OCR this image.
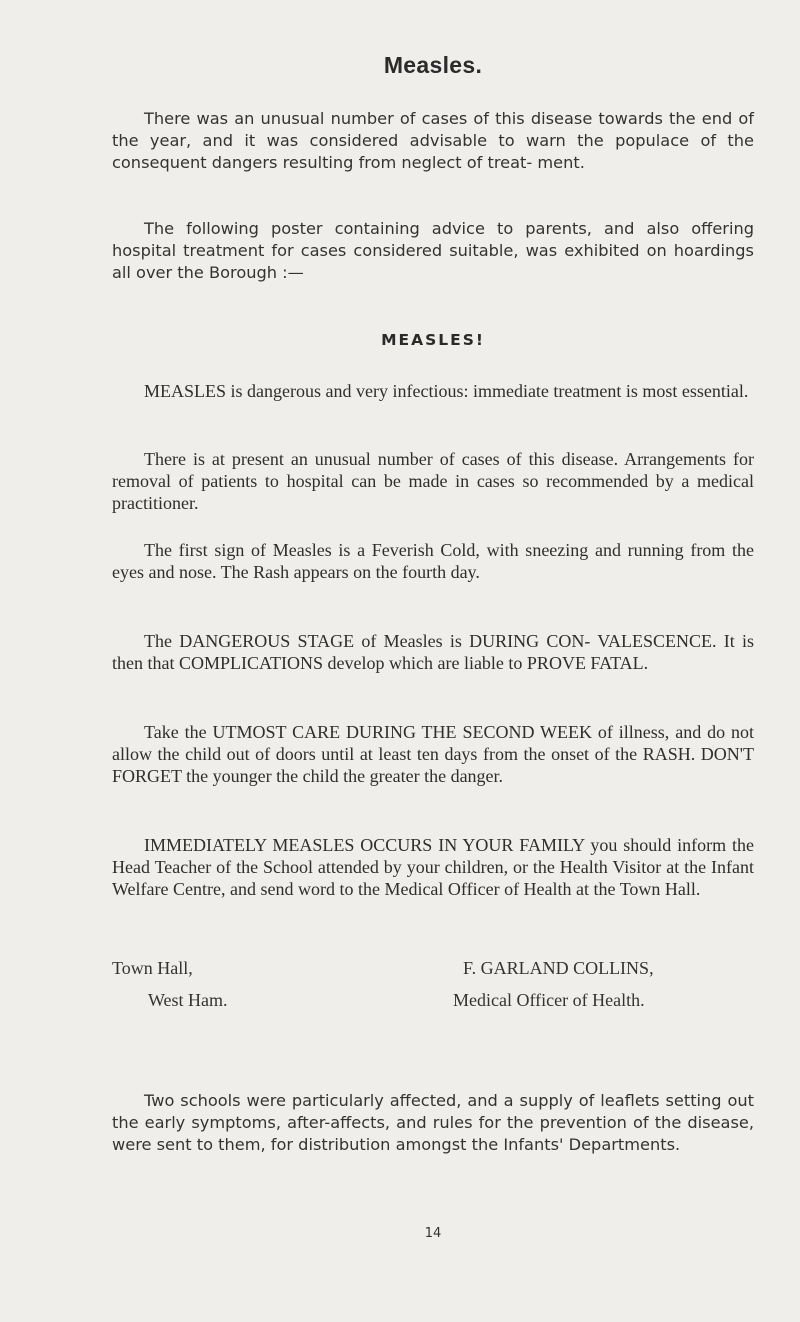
Measles.

There was an unusual number of cases of this disease towards the end of the year, and it was considered advisable to warn the populace of the consequent dangers resulting from neglect of treat- ment.

The following poster containing advice to parents, and also offering hospital treatment for cases considered suitable, was exhibited on hoardings all over the Borough :—

MEASLES!

MEASLES is dangerous and very infectious: immediate treatment is most essential.

There is at present an unusual number of cases of this disease. Arrangements for removal of patients to hospital can be made in cases so recommended by a medical practitioner.

The first sign of Measles is a Feverish Cold, with sneezing and running from the eyes and nose. The Rash appears on the fourth day.

The DANGEROUS STAGE of Measles is DURING CON- VALESCENCE. It is then that COMPLICATIONS develop which are liable to PROVE FATAL.

Take the UTMOST CARE DURING THE SECOND WEEK of illness, and do not allow the child out of doors until at least ten days from the onset of the RASH. DON'T FORGET the younger the child the greater the danger.

IMMEDIATELY MEASLES OCCURS IN YOUR FAMILY you should inform the Head Teacher of the School attended by your children, or the Health Visitor at the Infant Welfare Centre, and send word to the Medical Officer of Health at the Town Hall.

Town Hall,
West Ham.
F. GARLAND COLLINS,
Medical Officer of Health.

Two schools were particularly affected, and a supply of leaflets setting out the early symptoms, after-affects, and rules for the prevention of the disease, were sent to them, for distribution amongst the Infants' Departments.

14
